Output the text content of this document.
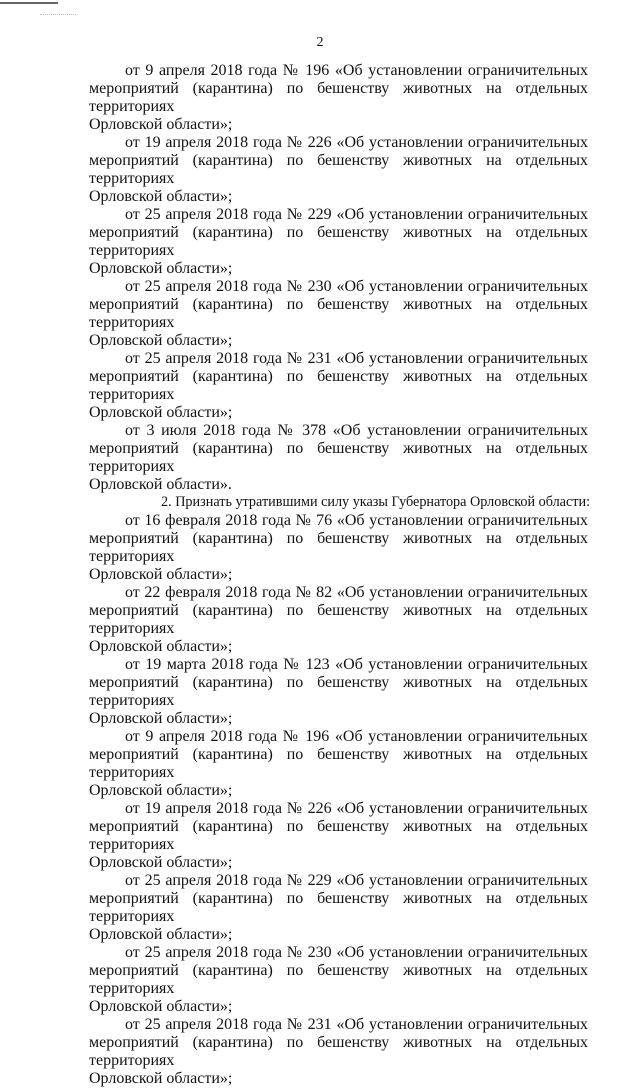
2
от 9 апреля 2018 года № 196 «Об установлении ограничительных
мероприятий (карантина) по бешенству животных на отдельных территориях
Орловской области»;
от 19 апреля 2018 года № 226 «Об установлении ограничительных
мероприятий (карантина) по бешенству животных на отдельных территориях
Орловской области»;
от 25 апреля 2018 года № 229 «Об установлении ограничительных
мероприятий (карантина) по бешенству животных на отдельных территориях
Орловской области»;
от 25 апреля 2018 года № 230 «Об установлении ограничительных
мероприятий (карантина) по бешенству животных на отдельных территориях
Орловской области»;
от 25 апреля 2018 года № 231 «Об установлении ограничительных
мероприятий (карантина) по бешенству животных на отдельных территориях
Орловской области»;
от 3 июля 2018 года № 378 «Об установлении ограничительных
мероприятий (карантина) по бешенству животных на отдельных территориях
Орловской области».
2. Признать утратившими силу указы Губернатора Орловской области:
от 16 февраля 2018 года № 76 «Об установлении ограничительных
мероприятий (карантина) по бешенству животных на отдельных территориях
Орловской области»;
от 22 февраля 2018 года № 82 «Об установлении ограничительных
мероприятий (карантина) по бешенству животных на отдельных территориях
Орловской области»;
от 19 марта 2018 года № 123 «Об установлении ограничительных
мероприятий (карантина) по бешенству животных на отдельных территориях
Орловской области»;
от 9 апреля 2018 года № 196 «Об установлении ограничительных
мероприятий (карантина) по бешенству животных на отдельных территориях
Орловской области»;
от 19 апреля 2018 года № 226 «Об установлении ограничительных
мероприятий (карантина) по бешенству животных на отдельных территориях
Орловской области»;
от 25 апреля 2018 года № 229 «Об установлении ограничительных
мероприятий (карантина) по бешенству животных на отдельных территориях
Орловской области»;
от 25 апреля 2018 года № 230 «Об установлении ограничительных
мероприятий (карантина) по бешенству животных на отдельных территориях
Орловской области»;
от 25 апреля 2018 года № 231 «Об установлении ограничительных
мероприятий (карантина) по бешенству животных на отдельных территориях
Орловской области»;
